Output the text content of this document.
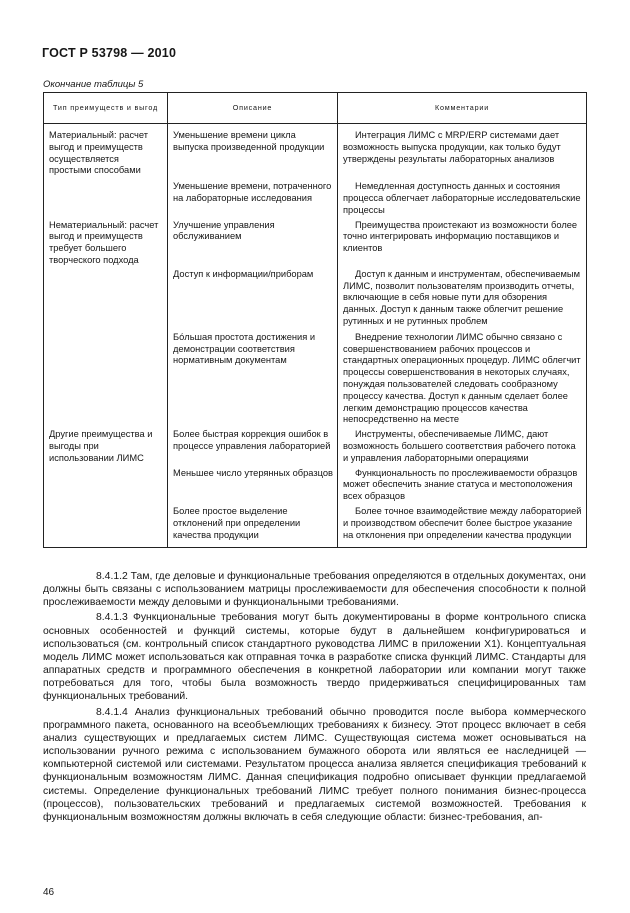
ГОСТ Р 53798 — 2010
Окончание таблицы 5
Тип преимуществ и выгод	Описание	Комментарии
Материальный: расчет выгод и преимуществ осуществляется простыми способами	Уменьшение времени цикла выпуска произведенной продукции	Интеграция ЛИМС с MRP/ERP системами дает возможность выпуска продукции, как только будут утверждены результаты лабораторных анализов
	Уменьшение времени, потраченного на лабораторные исследования	Немедленная доступность данных и состояния процесса облегчает лабораторные исследовательские процессы
Нематериальный: расчет выгод и преимуществ требует большего творческого подхода	Улучшение управления обслуживанием	Преимущества проистекают из возможности более точно интегрировать информацию поставщиков и клиентов
	Доступ к информации/приборам	Доступ к данным и инструментам, обеспечиваемым ЛИМС, позволит пользователям производить отчеты, включающие в себя новые пути для обзорения данных. Доступ к данным также облегчит решение рутинных и не рутинных проблем
	Бо́льшая простота достижения и демонстрации соответствия нормативным документам	Внедрение технологии ЛИМС обычно связано с совершенствованием рабочих процессов и стандартных операционных процедур. ЛИМС облегчит процессы совершенствования в некоторых случаях, понуждая пользователей следовать сообразному процессу качества. Доступ к данным сделает более легким демонстрацию процессов качества непосредственно на месте
Другие преимущества и выгоды при использовании ЛИМС	Более быстрая коррекция ошибок в процессе управления лабораторией	Инструменты, обеспечиваемые ЛИМС, дают возможность большего соответствия рабочего потока и управления лабораторными операциями
	Меньшее число утерянных образцов	Функциональность по прослеживаемости образцов может обеспечить знание статуса и местоположения всех образцов
	Более простое выделение отклонений при определении качества продукции	Более точное взаимодействие между лабораторией и производством обеспечит более быстрое указание на отклонения при определении качества продукции

8.4.1.2 Там, где деловые и функциональные требования определяются в отдельных документах, они должны быть связаны с использованием матрицы прослеживаемости для обеспечения способности к полной прослеживаемости между деловыми и функциональными требованиями.

8.4.1.3 Функциональные требования могут быть документированы в форме контрольного списка основных особенностей и функций системы, которые будут в дальнейшем конфигурироваться и использоваться (см. контрольный список стандартного руководства ЛИМС в приложении X1). Концептуальная модель ЛИМС может использоваться как отправная точка в разработке списка функций ЛИМС. Стандарты для аппаратных средств и программного обеспечения в конкретной лаборатории или компании могут также потребоваться для того, чтобы была возможность твердо придерживаться специфицированных там функциональных требований.

8.4.1.4 Анализ функциональных требований обычно проводится после выбора коммерческого программного пакета, основанного на всеобъемлющих требованиях к бизнесу. Этот процесс включает в себя анализ существующих и предлагаемых систем ЛИМС. Существующая система может основываться на использовании ручного режима с использованием бумажного оборота или являться ее наследницей — компьютерной системой или системами. Результатом процесса анализа является спецификация требований к функциональным возможностям ЛИМС. Данная спецификация подробно описывает функции предлагаемой системы. Определение функциональных требований ЛИМС требует полного понимания бизнес-процесса (процессов), пользовательских требований и предлагаемых системой возможностей. Требования к функциональным возможностям должны включать в себя следующие области: бизнес-требования, ап-

46
